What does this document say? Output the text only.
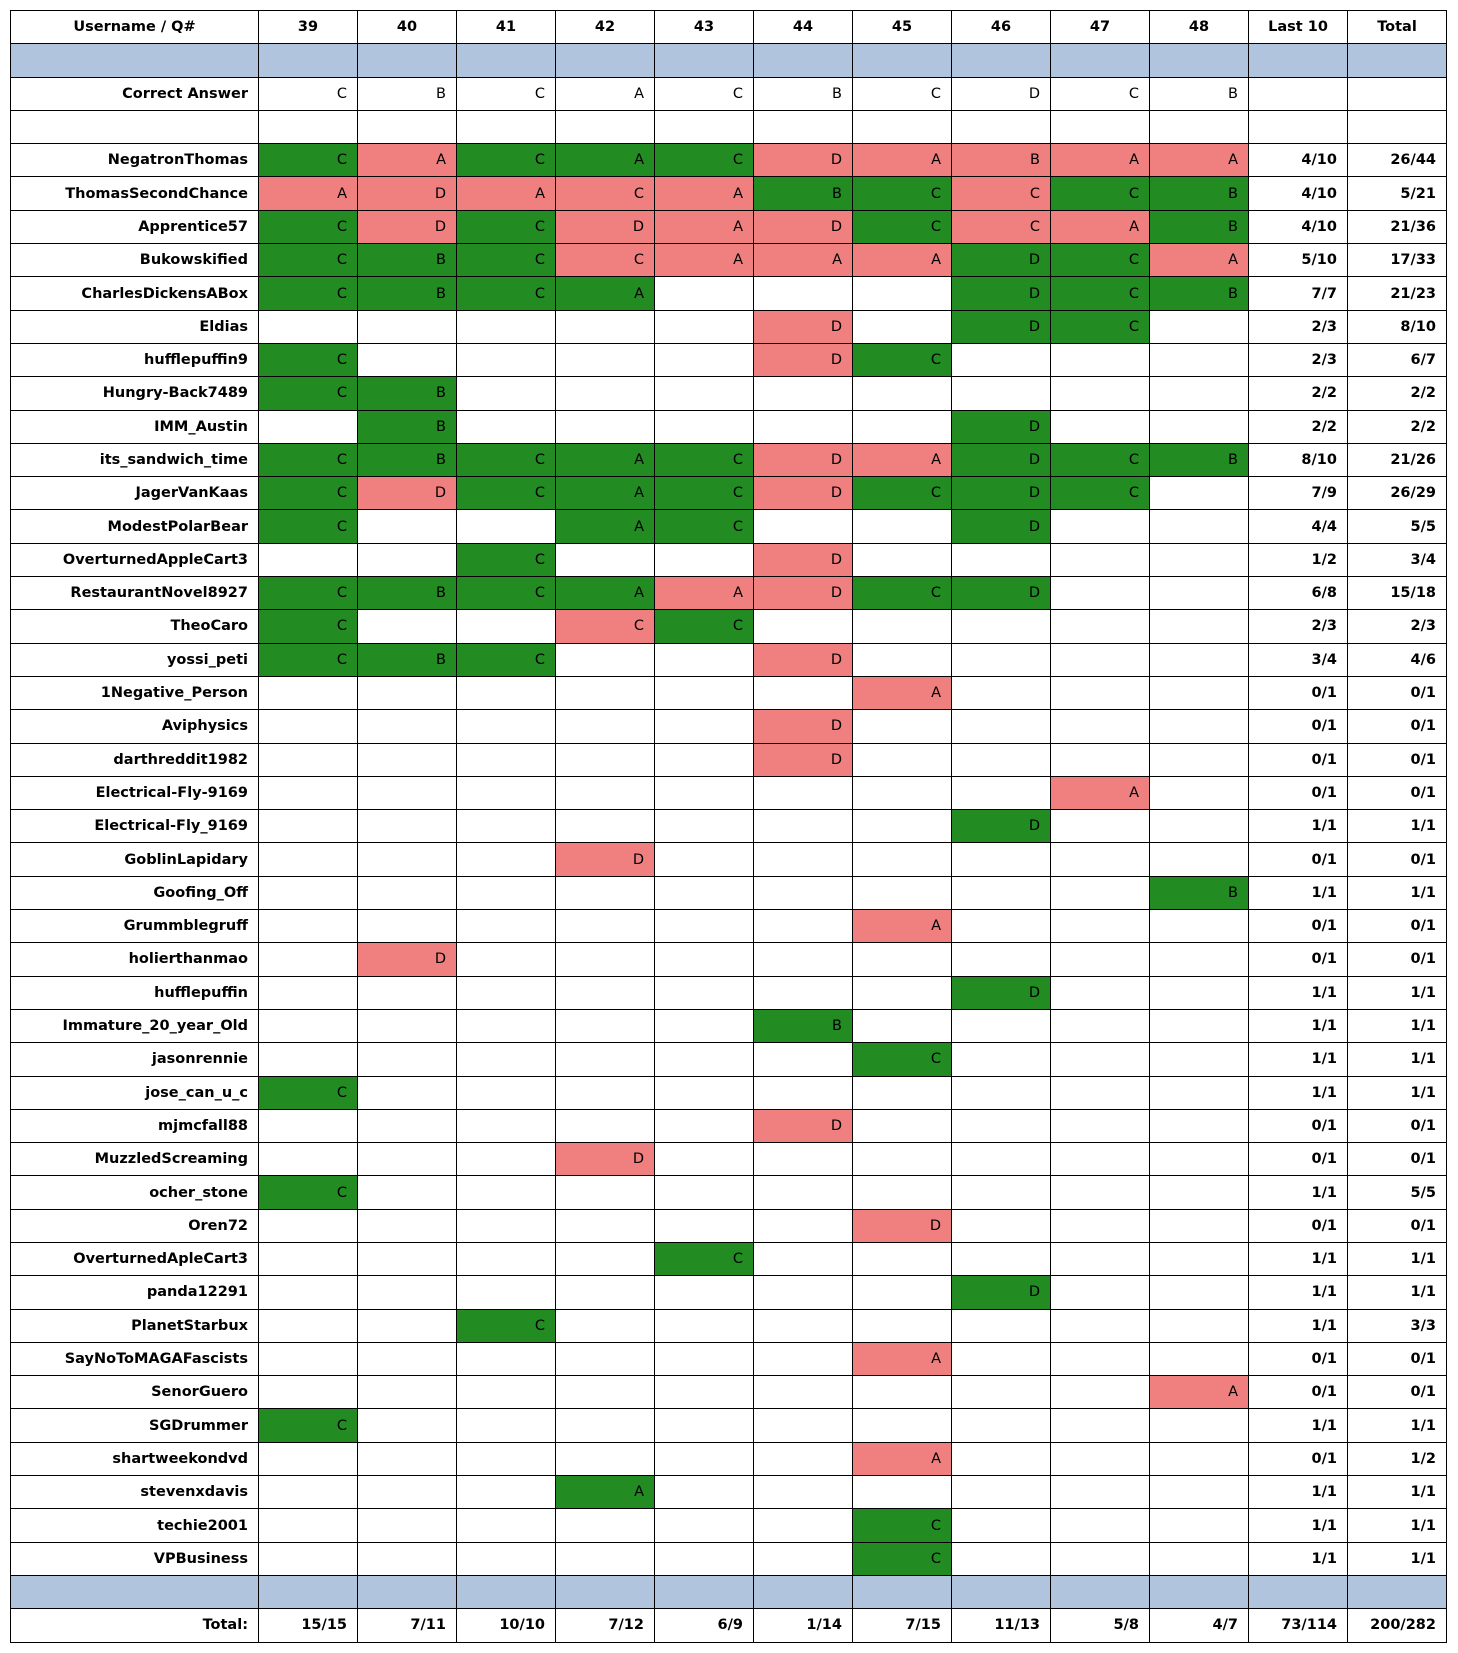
Username / Q#	39	40	41	42	43	44	45	46	47	48	Last 10	Total

Correct Answer	C	B	C	A	C	B	C	D	C	B		

NegatronThomas	C	A	C	A	C	D	A	B	A	A	4/10	26/44
ThomasSecondChance	A	D	A	C	A	B	C	C	C	B	4/10	5/21
Apprentice57	C	D	C	D	A	D	C	C	A	B	4/10	21/36
Bukowskified	C	B	C	C	A	A	A	D	C	A	5/10	17/33
CharlesDickensABox	C	B	C	A				D	C	B	7/7	21/23
Eldias						D		D	C		2/3	8/10
hufflepuffin9	C					D	C				2/3	6/7
Hungry-Back7489	C	B									2/2	2/2
IMM_Austin		B						D			2/2	2/2
its_sandwich_time	C	B	C	A	C	D	A	D	C	B	8/10	21/26
JagerVanKaas	C	D	C	A	C	D	C	D	C		7/9	26/29
ModestPolarBear	C			A	C			D			4/4	5/5
OverturnedAppleCart3			C			D					1/2	3/4
RestaurantNovel8927	C	B	C	A	A	D	C	D			6/8	15/18
TheoCaro	C			C	C						2/3	2/3
yossi_peti	C	B	C			D					3/4	4/6
1Negative_Person							A				0/1	0/1
Aviphysics						D					0/1	0/1
darthreddit1982						D					0/1	0/1
Electrical-Fly-9169									A		0/1	0/1
Electrical-Fly_9169								D			1/1	1/1
GoblinLapidary				D							0/1	0/1
Goofing_Off										B	1/1	1/1
Grummblegruff							A				0/1	0/1
holierthanmao		D									0/1	0/1
hufflepuffin								D			1/1	1/1
Immature_20_year_Old						B					1/1	1/1
jasonrennie							C				1/1	1/1
jose_can_u_c	C										1/1	1/1
mjmcfall88						D					0/1	0/1
MuzzledScreaming				D							0/1	0/1
ocher_stone	C										1/1	5/5
Oren72							D				0/1	0/1
OverturnedApleCart3					C						1/1	1/1
panda12291								D			1/1	1/1
PlanetStarbux			C								1/1	3/3
SayNoToMAGAFascists							A				0/1	0/1
SenorGuero										A	0/1	0/1
SGDrummer	C										1/1	1/1
shartweekondvd							A				0/1	1/2
stevenxdavis				A							1/1	1/1
techie2001							C				1/1	1/1
VPBusiness							C				1/1	1/1

Total:	15/15	7/11	10/10	7/12	6/9	1/14	7/15	11/13	5/8	4/7	73/114	200/282
